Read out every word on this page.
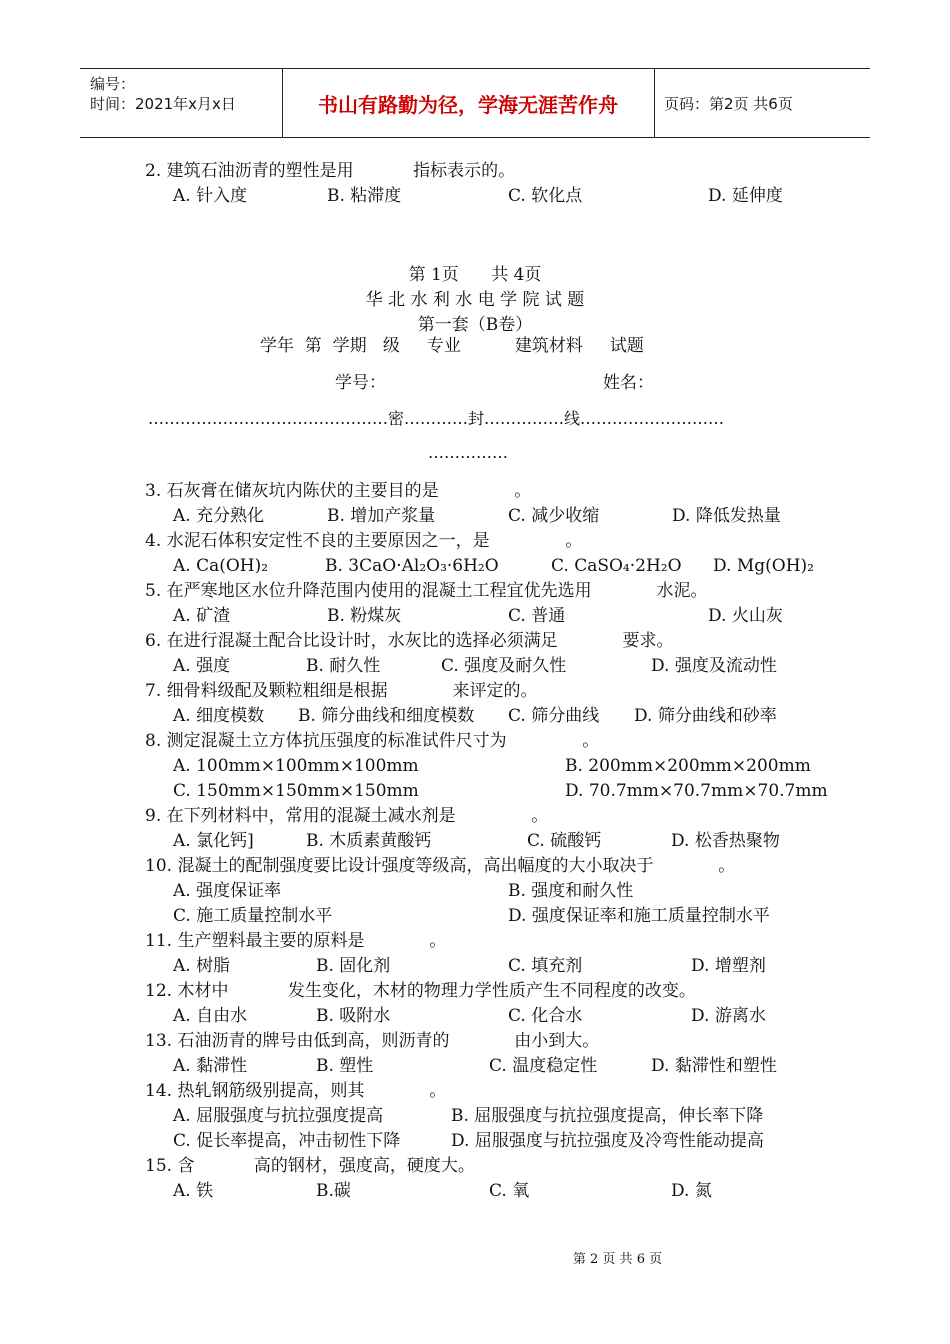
编号：
时间：2021年x月x日	书山有路勤为径，学海无涯苦作舟	页码：第2页 共6页
2. 建筑石油沥青的塑性是用           指标表示的。
A. 针入度	B. 粘滞度	C. 软化点	D. 延伸度
第 1页      共 4页
华 北 水 利 水 电 学 院 试 题
第一套（B卷）
学年  第  学期   级     专业          建筑材料     试题
学号：	姓名：
………………………………………密…………封……………线………………………
……………
3. 石灰膏在储灰坑内陈伏的主要目的是              。
A. 充分熟化	B. 增加产浆量	C. 减少收缩	D. 降低发热量
4. 水泥石体积安定性不良的主要原因之一，是              。
A. Ca(OH)₂	B. 3CaO·Al₂O₃·6H₂O	C. CaSO₄·2H₂O D. Mg(OH)₂
5. 在严寒地区水位升降范围内使用的混凝土工程宜优先选用            水泥。
A. 矿渣	B. 粉煤灰	C. 普通	D. 火山灰
6. 在进行混凝土配合比设计时，水灰比的选择必须满足            要求。
A. 强度	B. 耐久性	C. 强度及耐久性	D. 强度及流动性
7. 细骨料级配及颗粒粗细是根据            来评定的。
A. 细度模数 B. 筛分曲线和细度模数 C. 筛分曲线 D. 筛分曲线和砂率
8. 测定混凝土立方体抗压强度的标准试件尺寸为              。
A. 100mm×100mm×100mm	B. 200mm×200mm×200mm
C. 150mm×150mm×150mm	D. 70.7mm×70.7mm×70.7mm
9. 在下列材料中，常用的混凝土减水剂是              。
A. 氯化钙]	B. 木质素黄酸钙	C. 硫酸钙	D. 松香热聚物
10. 混凝土的配制强度要比设计强度等级高，高出幅度的大小取决于            。
A. 强度保证率	B. 强度和耐久性
C. 施工质量控制水平	D. 强度保证率和施工质量控制水平
11. 生产塑料最主要的原料是            。
A. 树脂	B. 固化剂	C. 填充剂	D. 增塑剂
12. 木材中           发生变化，木材的物理力学性质产生不同程度的改变。
A. 自由水	B. 吸附水	C. 化合水	D. 游离水
13. 石油沥青的牌号由低到高，则沥青的            由小到大。
A. 黏滞性	B. 塑性	C. 温度稳定性	D. 黏滞性和塑性
14. 热轧钢筋级别提高，则其            。
A. 屈服强度与抗拉强度提高	B. 屈服强度与抗拉强度提高，伸长率下降
C. 促长率提高，冲击韧性下降	D. 屈服强度与抗拉强度及冷弯性能动提高
15. 含           高的钢材，强度高，硬度大。
A. 铁	B.碳	C. 氧	D. 氮
第 2 页 共 6 页
